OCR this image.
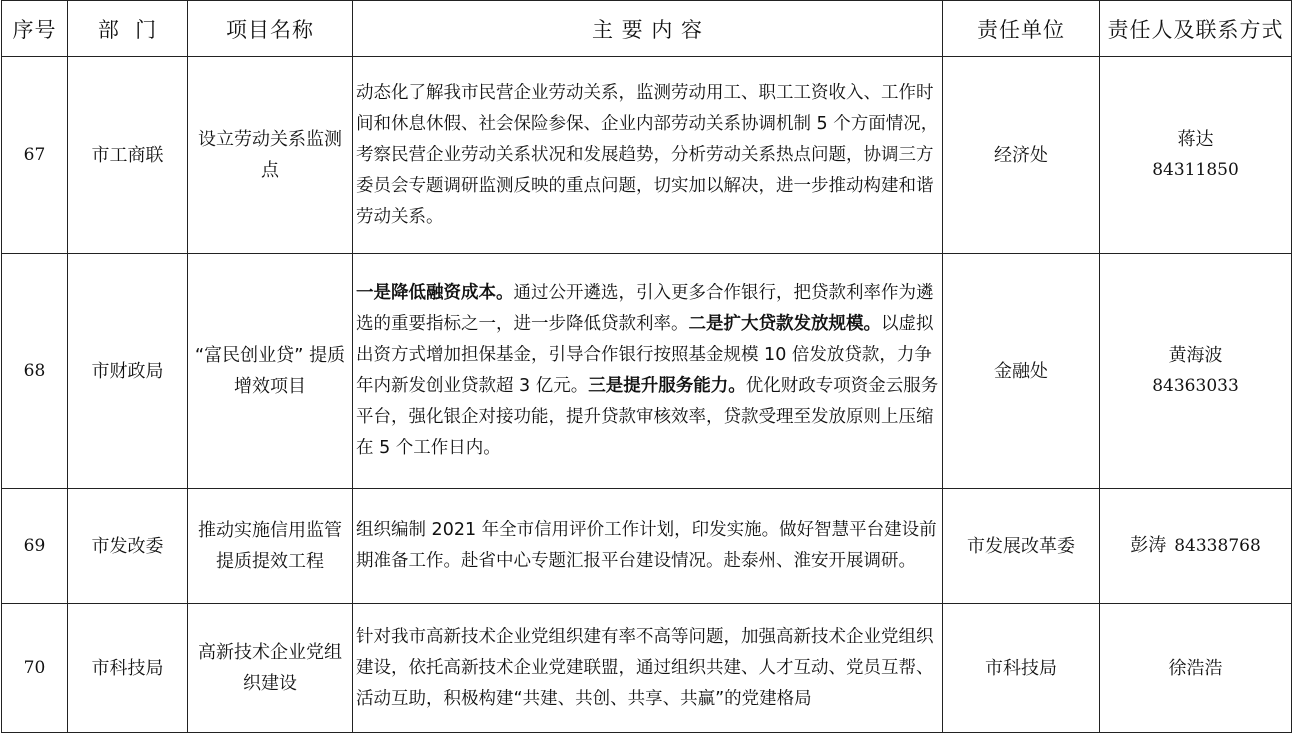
序号	部  门	项目名称	主 要 内 容	责任单位	责任人及联系方式
67	市工商联	设立劳动关系监测点	动态化了解我市民营企业劳动关系，监测劳动用工、职工工资收入、工作时间和休息休假、社会保险参保、企业内部劳动关系协调机制 5 个方面情况，考察民营企业劳动关系状况和发展趋势，分析劳动关系热点问题，协调三方委员会专题调研监测反映的重点问题，切实加以解决，进一步推动构建和谐劳动关系。	经济处	蒋达
84311850

68	市财政局	“富民创业贷” 提质增效项目	一是降低融资成本。通过公开遴选，引入更多合作银行，把贷款利率作为遴选的重要指标之一，进一步降低贷款利率。二是扩大贷款发放规模。以虚拟出资方式增加担保基金，引导合作银行按照基金规模 10 倍发放贷款，力争年内新发创业贷款超 3 亿元。三是提升服务能力。优化财政专项资金云服务平台，强化银企对接功能，提升贷款审核效率，贷款受理至发放原则上压缩在 5 个工作日内。	金融处	黄海波
84363033

69	市发改委	推动实施信用监管提质提效工程	组织编制 2021 年全市信用评价工作计划，印发实施。做好智慧平台建设前期准备工作。赴省中心专题汇报平台建设情况。赴泰州、淮安开展调研。	市发展改革委	彭涛 84338768
70	市科技局	高新技术企业党组织建设	针对我市高新技术企业党组织建有率不高等问题，加强高新技术企业党组织建设，依托高新技术企业党建联盟，通过组织共建、人才互动、党员互帮、活动互助，积极构建“共建、共创、共享、共赢”的党建格局	市科技局	徐浩浩
